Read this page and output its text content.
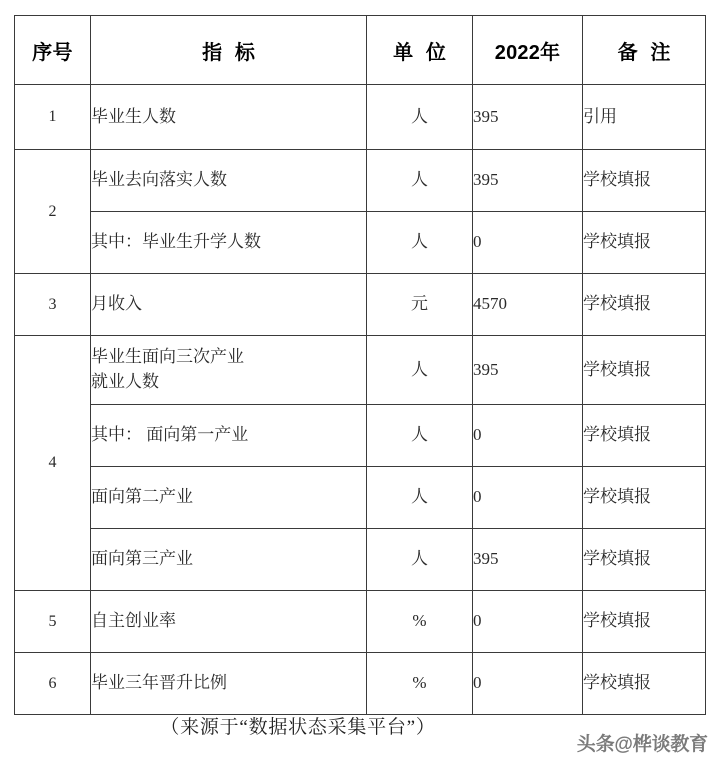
序号	指 标	单 位	2022年	备 注
1	毕业生人数	人	395	引用
2	毕业去向落实人数	人	395	学校填报
	其中：毕业生升学人数	人	0	学校填报
3	月收入	元	4570	学校填报
4	毕业生面向三次产业
就业人数	人	395	学校填报
	其中： 面向第一产业	人	0	学校填报
	面向第二产业	人	0	学校填报
	面向第三产业	人	395	学校填报
5	自主创业率	%	0	学校填报
6	毕业三年晋升比例	%	0	学校填报
（来源于“数据状态采集平台”）
头条@桦谈教育
